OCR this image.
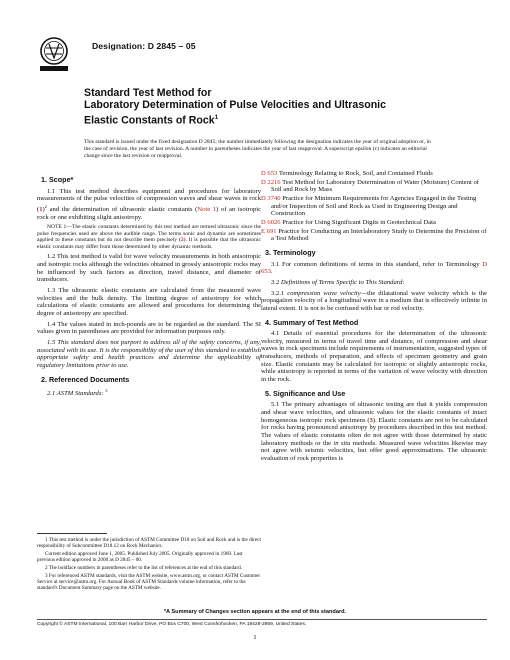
Designation: D 2845 – 05
Standard Test Method for
Laboratory Determination of Pulse Velocities and Ultrasonic
Elastic Constants of Rock$^1$
This standard is issued under the fixed designation D 2845; the number immediately following the designation indicates the year of original adoption or, in the case of revision, the year of last revision. A number in parentheses indicates the year of last reapproval. A superscript epsilon (ε) indicates an editorial change since the last revision or reapproval.
1. Scope*

1.1 This test method describes equipment and procedures for laboratory measurements of the pulse velocities of compression waves and shear waves in rock $(1)^2$ and the determination of ultrasonic elastic constants (Note 1) of an isotropic rock or one exhibiting slight anisotropy.

NOTE 1—The elastic constants determined by this test method are termed ultrasonic since the pulse frequencies used are above the audible range. The terms sonic and dynamic are sometimes applied to these constants but do not describe them precisely (2). It is possible that the ultrasonic elastic constants may differ from those determined by other dynamic methods.

1.2 This test method is valid for wave velocity measurements in both anisotropic and isotropic rocks although the velocities obtained in grossly anisotropic rocks may be influenced by such factors as direction, travel distance, and diameter of transducers.

1.3 The ultrasonic elastic constants are calculated from the measured wave velocities and the bulk density. The limiting degree of anisotropy for which calculations of elastic constants are allowed and procedures for determining the degree of anisotropy are specified.

1.4 The values stated in inch-pounds are to be regarded as the standard. The SI values given in parentheses are provided for information purposes only.

1.5 This standard does not purport to address all of the safety concerns, if any, associated with its use. It is the responsibility of the user of this standard to establish appropriate safety and health practices and determine the applicability of regulatory limitations prior to use.

2. Referenced Documents

2.1 ASTM Standards: $^3$

1 This test method is under the jurisdiction of ASTM Committee D18 on Soil and Rock and is the direct responsibility of Subcommittee D18.12 on Rock Mechanics.

Current edition approved June 1, 2005. Published July 2005. Originally approved in 1969. Last previous edition approved in 2000 as D 2845 – 00.

2 The boldface numbers in parentheses refer to the list of references at the end of this standard.

3 For referenced ASTM standards, visit the ASTM website, www.astm.org, or contact ASTM Customer Service at service@astm.org. For Annual Book of ASTM Standards volume information, refer to the standard's Document Summary page on the ASTM website.

D 653 Terminology Relating to Rock, Soil, and Contained Fluids

D 2216 Test Method for Laboratory Determination of Water (Moisture) Content of Soil and Rock by Mass

D 3740 Practice for Minimum Requirements for Agencies Engaged in the Testing and/or Inspection of Soil and Rock as Used in Engineering Design and Construction

D 6026 Practice for Using Significant Digits in Geotechnical Data

E 691 Practice for Conducting an Interlaboratory Study to Determine the Precision of a Test Method

3. Terminology

3.1 For common definitions of terms in this standard, refer to Terminology D 653.

3.2 Definitions of Terms Specific to This Standard:

3.2.1 compression wave velocity—the dilatational wave velocity which is the propagation velocity of a longitudinal wave in a medium that is effectively infinite in lateral extent. It is not to be confused with bar or rod velocity.

4. Summary of Test Method

4.1 Details of essential procedures for the determination of the ultrasonic velocity, measured in terms of travel time and distance, of compression and shear waves in rock specimens include requirements of instrumentation, suggested types of transducers, methods of preparation, and effects of specimen geometry and grain size. Elastic constants may be calculated for isotropic or slightly anisotropic rocks, while anisotropy is reported in terms of the variation of wave velocity with direction in the rock.

5. Significance and Use

5.1 The primary advantages of ultrasonic testing are that it yields compression and shear wave velocities, and ultrasonic values for the elastic constants of intact homogeneous isotropic rock specimens (3). Elastic constants are not to be calculated for rocks having pronounced anisotropy by procedures described in this test method. The values of elastic constants often do not agree with those determined by static laboratory methods or the in situ methods. Measured wave velocities likewise may not agree with seismic velocities, but offer good approximations. The ultrasonic evaluation of rock properties is

*A Summary of Changes section appears at the end of this standard.
Copyright © ASTM International, 100 Barr Harbor Drive, PO Box C700, West Conshohocken, PA 19428-2959, United States.
1
